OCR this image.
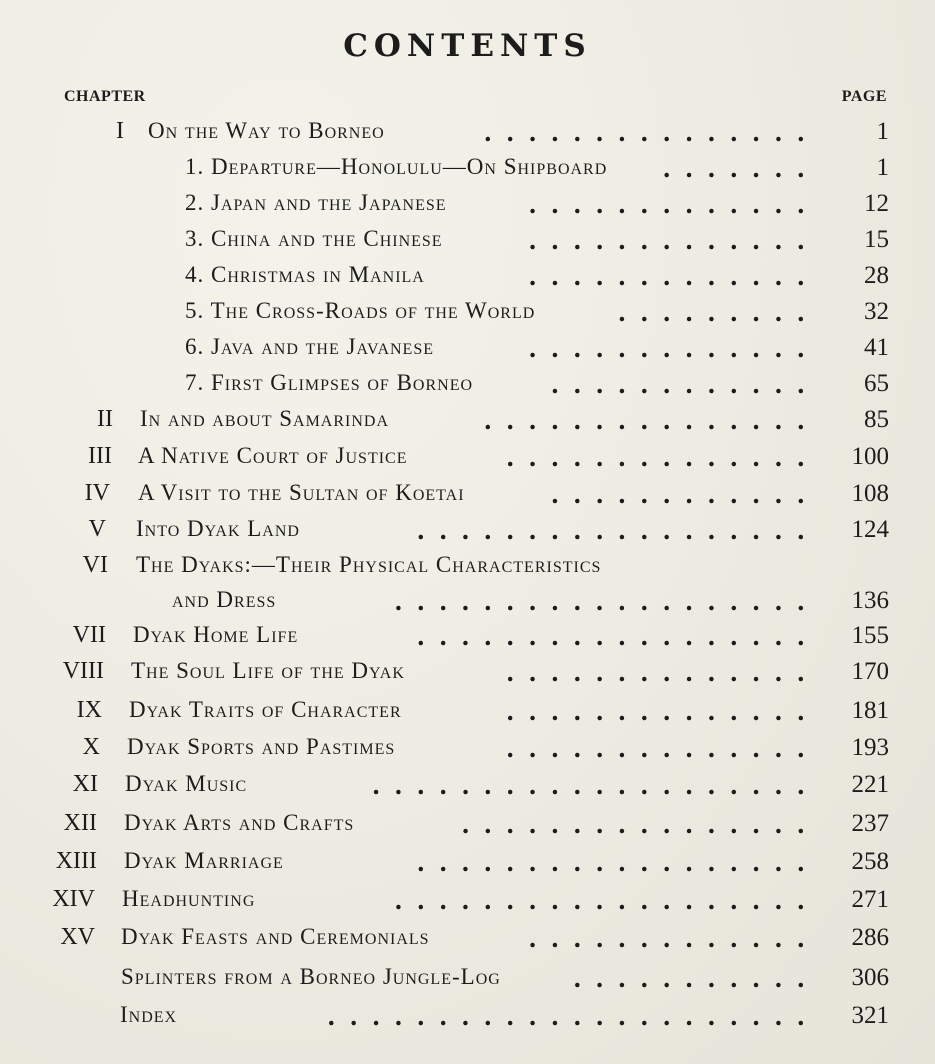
CONTENTS
CHAPTER	PAGE
I On the Way to Borneo	...............	1
1. Departure—Honolulu—On Shipboard	.......	1
2. Japan and the Japanese	.............	12
3. China and the Chinese	.............	15
4. Christmas in Manila	.............	28
5. The Cross-Roads of the World	.........	32
6. Java and the Javanese	.............	41
7. First Glimpses of Borneo	............	65
II In and about Samarinda	...............	85
III A Native Court of Justice	..............	100
IV A Visit to the Sultan of Koetai	............	108
V Into Dyak Land	..................	124
VI The Dyaks:—Their Physical Characteristics
and Dress	...................	136
VII Dyak Home Life	..................	155
VIII The Soul Life of the Dyak	..............	170
IX Dyak Traits of Character	..............	181
X Dyak Sports and Pastimes	..............	193
XI Dyak Music	....................	221
XII Dyak Arts and Crafts	................	237
XIII Dyak Marriage	..................	258
XIV Headhunting	...................	271
XV Dyak Feasts and Ceremonials	.............	286
Splinters from a Borneo Jungle-Log	...........	306
Index	......................	321
